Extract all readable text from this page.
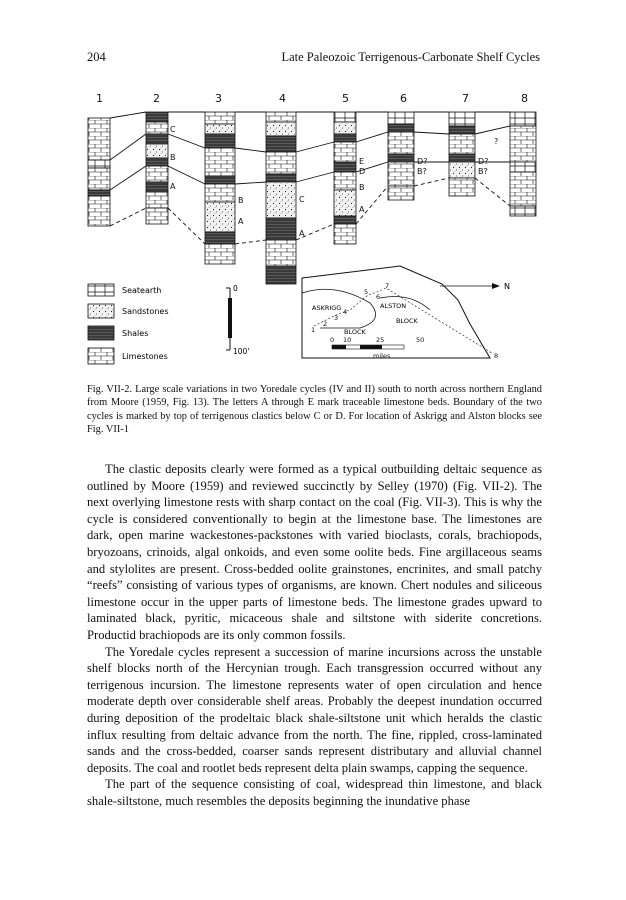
204	Late Paleozoic Terrigenous-Carbonate Shelf Cycles
1	2	3	4	5	6	7	8
C
B
A
B
A
C
A
E
D
B
A
D?
B?
D?
B?
?
Seatearth
Sandstones
Shales
Limestones
0
100'
N
ASKRIGG	ALSTON
BLOCK
BLOCK
1
2
3
4
5
6
7
8
0 10	25	50
miles
Fig. VII-2. Large scale variations in two Yoredale cycles (IV and II) south to north across northern England from Moore (1959, Fig. 13). The letters A through E mark traceable limestone beds. Boundary of the two cycles is marked by top of terrigenous clastics below C or D. For location of Askrigg and Alston blocks see Fig. VII-1

The clastic deposits clearly were formed as a typical outbuilding deltaic sequence as outlined by Moore (1959) and reviewed succinctly by Selley (1970) (Fig. VII-2). The next overlying limestone rests with sharp contact on the coal (Fig. VII-3). This is why the cycle is considered conventionally to begin at the limestone base. The limestones are dark, open marine wackestones-packstones with varied bioclasts, corals, brachiopods, bryozoans, crinoids, algal onkoids, and even some oolite beds. Fine argillaceous seams and stylolites are present. Cross-bedded oolite grainstones, encrinites, and small patchy “reefs” consisting of various types of organisms, are known. Chert nodules and siliceous limestone occur in the upper parts of limestone beds. The limestone grades upward to laminated black, pyritic, micaceous shale and siltstone with siderite concretions. Productid brachiopods are its only common fossils.

The Yoredale cycles represent a succession of marine incursions across the unstable shelf blocks north of the Hercynian trough. Each transgression occurred without any terrigenous incursion. The limestone represents water of open circulation and hence moderate depth over considerable shelf areas. Probably the deepest inundation occurred during deposition of the prodeltaic black shale-siltstone unit which heralds the clastic influx resulting from deltaic advance from the north. The fine, rippled, cross-laminated sands and the cross-bedded, coarser sands represent distributary and alluvial channel deposits. The coal and rootlet beds represent delta plain swamps, capping the sequence.

The part of the sequence consisting of coal, widespread thin limestone, and black shale-siltstone, much resembles the deposits beginning the inundative phase
